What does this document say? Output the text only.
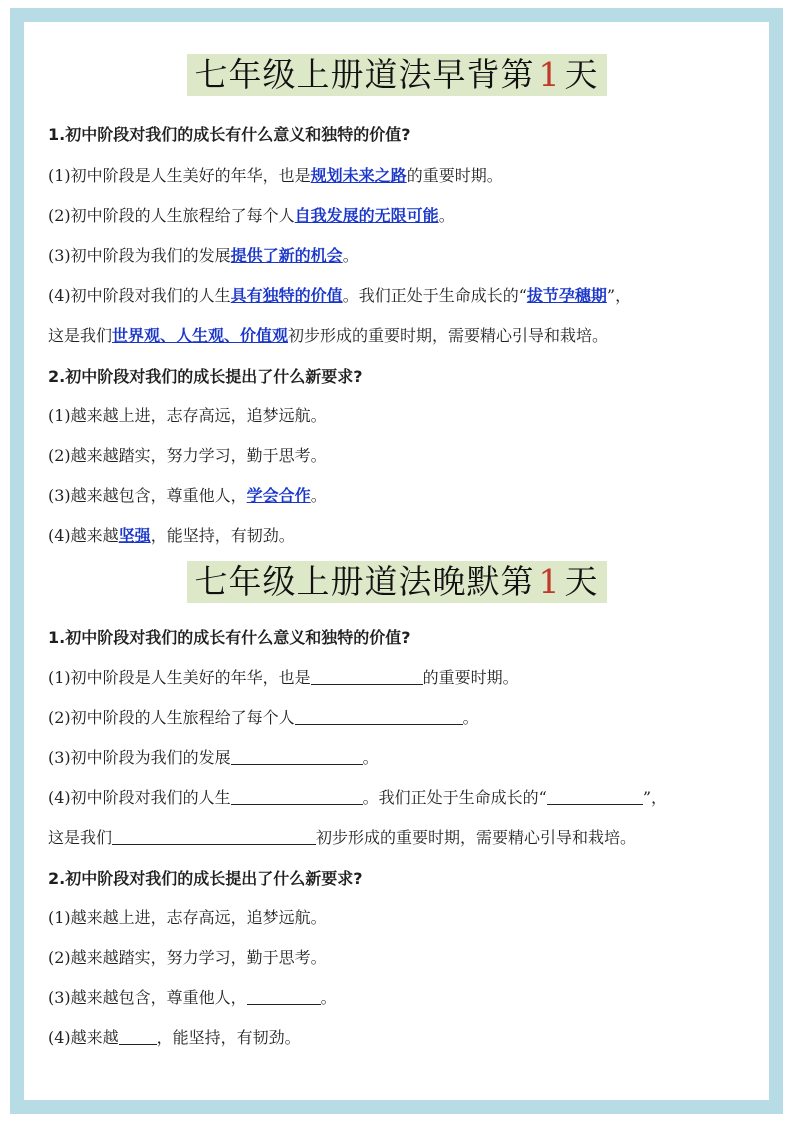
七年级上册道法早背第 1 天
1.初中阶段对我们的成长有什么意义和独特的价值?
(1)初中阶段是人生美好的年华，也是规划未来之路的重要时期。
(2)初中阶段的人生旅程给了每个人自我发展的无限可能。
(3)初中阶段为我们的发展提供了新的机会。
(4)初中阶段对我们的人生具有独特的价值。我们正处于生命成长的“拔节孕穗期”，
这是我们世界观、人生观、价值观初步形成的重要时期，需要精心引导和栽培。
2.初中阶段对我们的成长提出了什么新要求?
(1)越来越上进，志存高远，追梦远航。
(2)越来越踏实，努力学习，勤于思考。
(3)越来越包含，尊重他人，学会合作。
(4)越来越坚强，能坚持，有韧劲。
七年级上册道法晚默第 1 天
1.初中阶段对我们的成长有什么意义和独特的价值?
(1)初中阶段是人生美好的年华，也是	的重要时期。
(2)初中阶段的人生旅程给了每个人	。
(3)初中阶段为我们的发展	。
(4)初中阶段对我们的人生	。我们正处于生命成长的“	”，
这是我们	初步形成的重要时期，需要精心引导和栽培。
2.初中阶段对我们的成长提出了什么新要求?
(1)越来越上进，志存高远，追梦远航。
(2)越来越踏实，努力学习，勤于思考。
(3)越来越包含，尊重他人，	。
(4)越来越 ，能坚持，有韧劲。
